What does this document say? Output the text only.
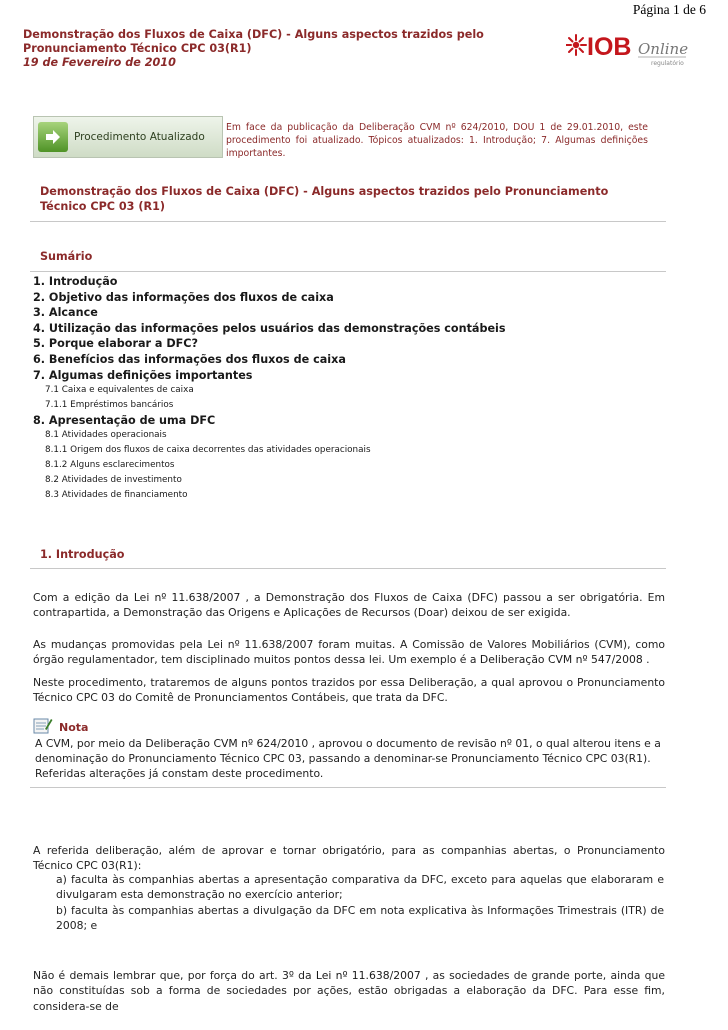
Página 1 de 6
Demonstração dos Fluxos de Caixa (DFC) - Alguns aspectos trazidos pelo Pronunciamento Técnico CPC 03(R1)
19 de Fevereiro de 2010
IOB Online
regulatório
Procedimento Atualizado
Em face da publicação da Deliberação CVM nº 624/2010, DOU 1 de 29.01.2010, este procedimento foi atualizado. Tópicos atualizados: 1. Introdução; 7. Algumas definições importantes.
Demonstração dos Fluxos de Caixa (DFC) - Alguns aspectos trazidos pelo Pronunciamento Técnico CPC 03 (R1)
Sumário
1. Introdução
2. Objetivo das informações dos fluxos de caixa
3. Alcance
4. Utilização das informações pelos usuários das demonstrações contábeis
5. Porque elaborar a DFC?
6. Benefícios das informações dos fluxos de caixa
7. Algumas definições importantes
7.1 Caixa e equivalentes de caixa
7.1.1 Empréstimos bancários
8. Apresentação de uma DFC
8.1 Atividades operacionais
8.1.1 Origem dos fluxos de caixa decorrentes das atividades operacionais
8.1.2 Alguns esclarecimentos
8.2 Atividades de investimento
8.3 Atividades de financiamento
1. Introdução
Com a edição da Lei nº 11.638/2007 , a Demonstração dos Fluxos de Caixa (DFC) passou a ser obrigatória. Em contrapartida, a Demonstração das Origens e Aplicações de Recursos (Doar) deixou de ser exigida.
As mudanças promovidas pela Lei nº 11.638/2007 foram muitas. A Comissão de Valores Mobiliários (CVM), como órgão regulamentador, tem disciplinado muitos pontos dessa lei. Um exemplo é a Deliberação CVM nº 547/2008 .
Neste procedimento, trataremos de alguns pontos trazidos por essa Deliberação, a qual aprovou o Pronunciamento Técnico CPC 03 do Comitê de Pronunciamentos Contábeis, que trata da DFC.
Nota
A CVM, por meio da Deliberação CVM nº 624/2010 , aprovou o documento de revisão nº 01, o qual alterou itens e a denominação do Pronunciamento Técnico CPC 03, passando a denominar-se Pronunciamento Técnico CPC 03(R1). Referidas alterações já constam deste procedimento.
A referida deliberação, além de aprovar e tornar obrigatório, para as companhias abertas, o Pronunciamento Técnico CPC 03(R1):
a) faculta às companhias abertas a apresentação comparativa da DFC, exceto para aquelas que elaboraram e divulgaram esta demonstração no exercício anterior;
b) faculta às companhias abertas a divulgação da DFC em nota explicativa às Informações Trimestrais (ITR) de 2008; e
Não é demais lembrar que, por força do art. 3º da Lei nº 11.638/2007 , as sociedades de grande porte, ainda que não constituídas sob a forma de sociedades por ações, estão obrigadas a elaboração da DFC. Para esse fim, considera-se de
